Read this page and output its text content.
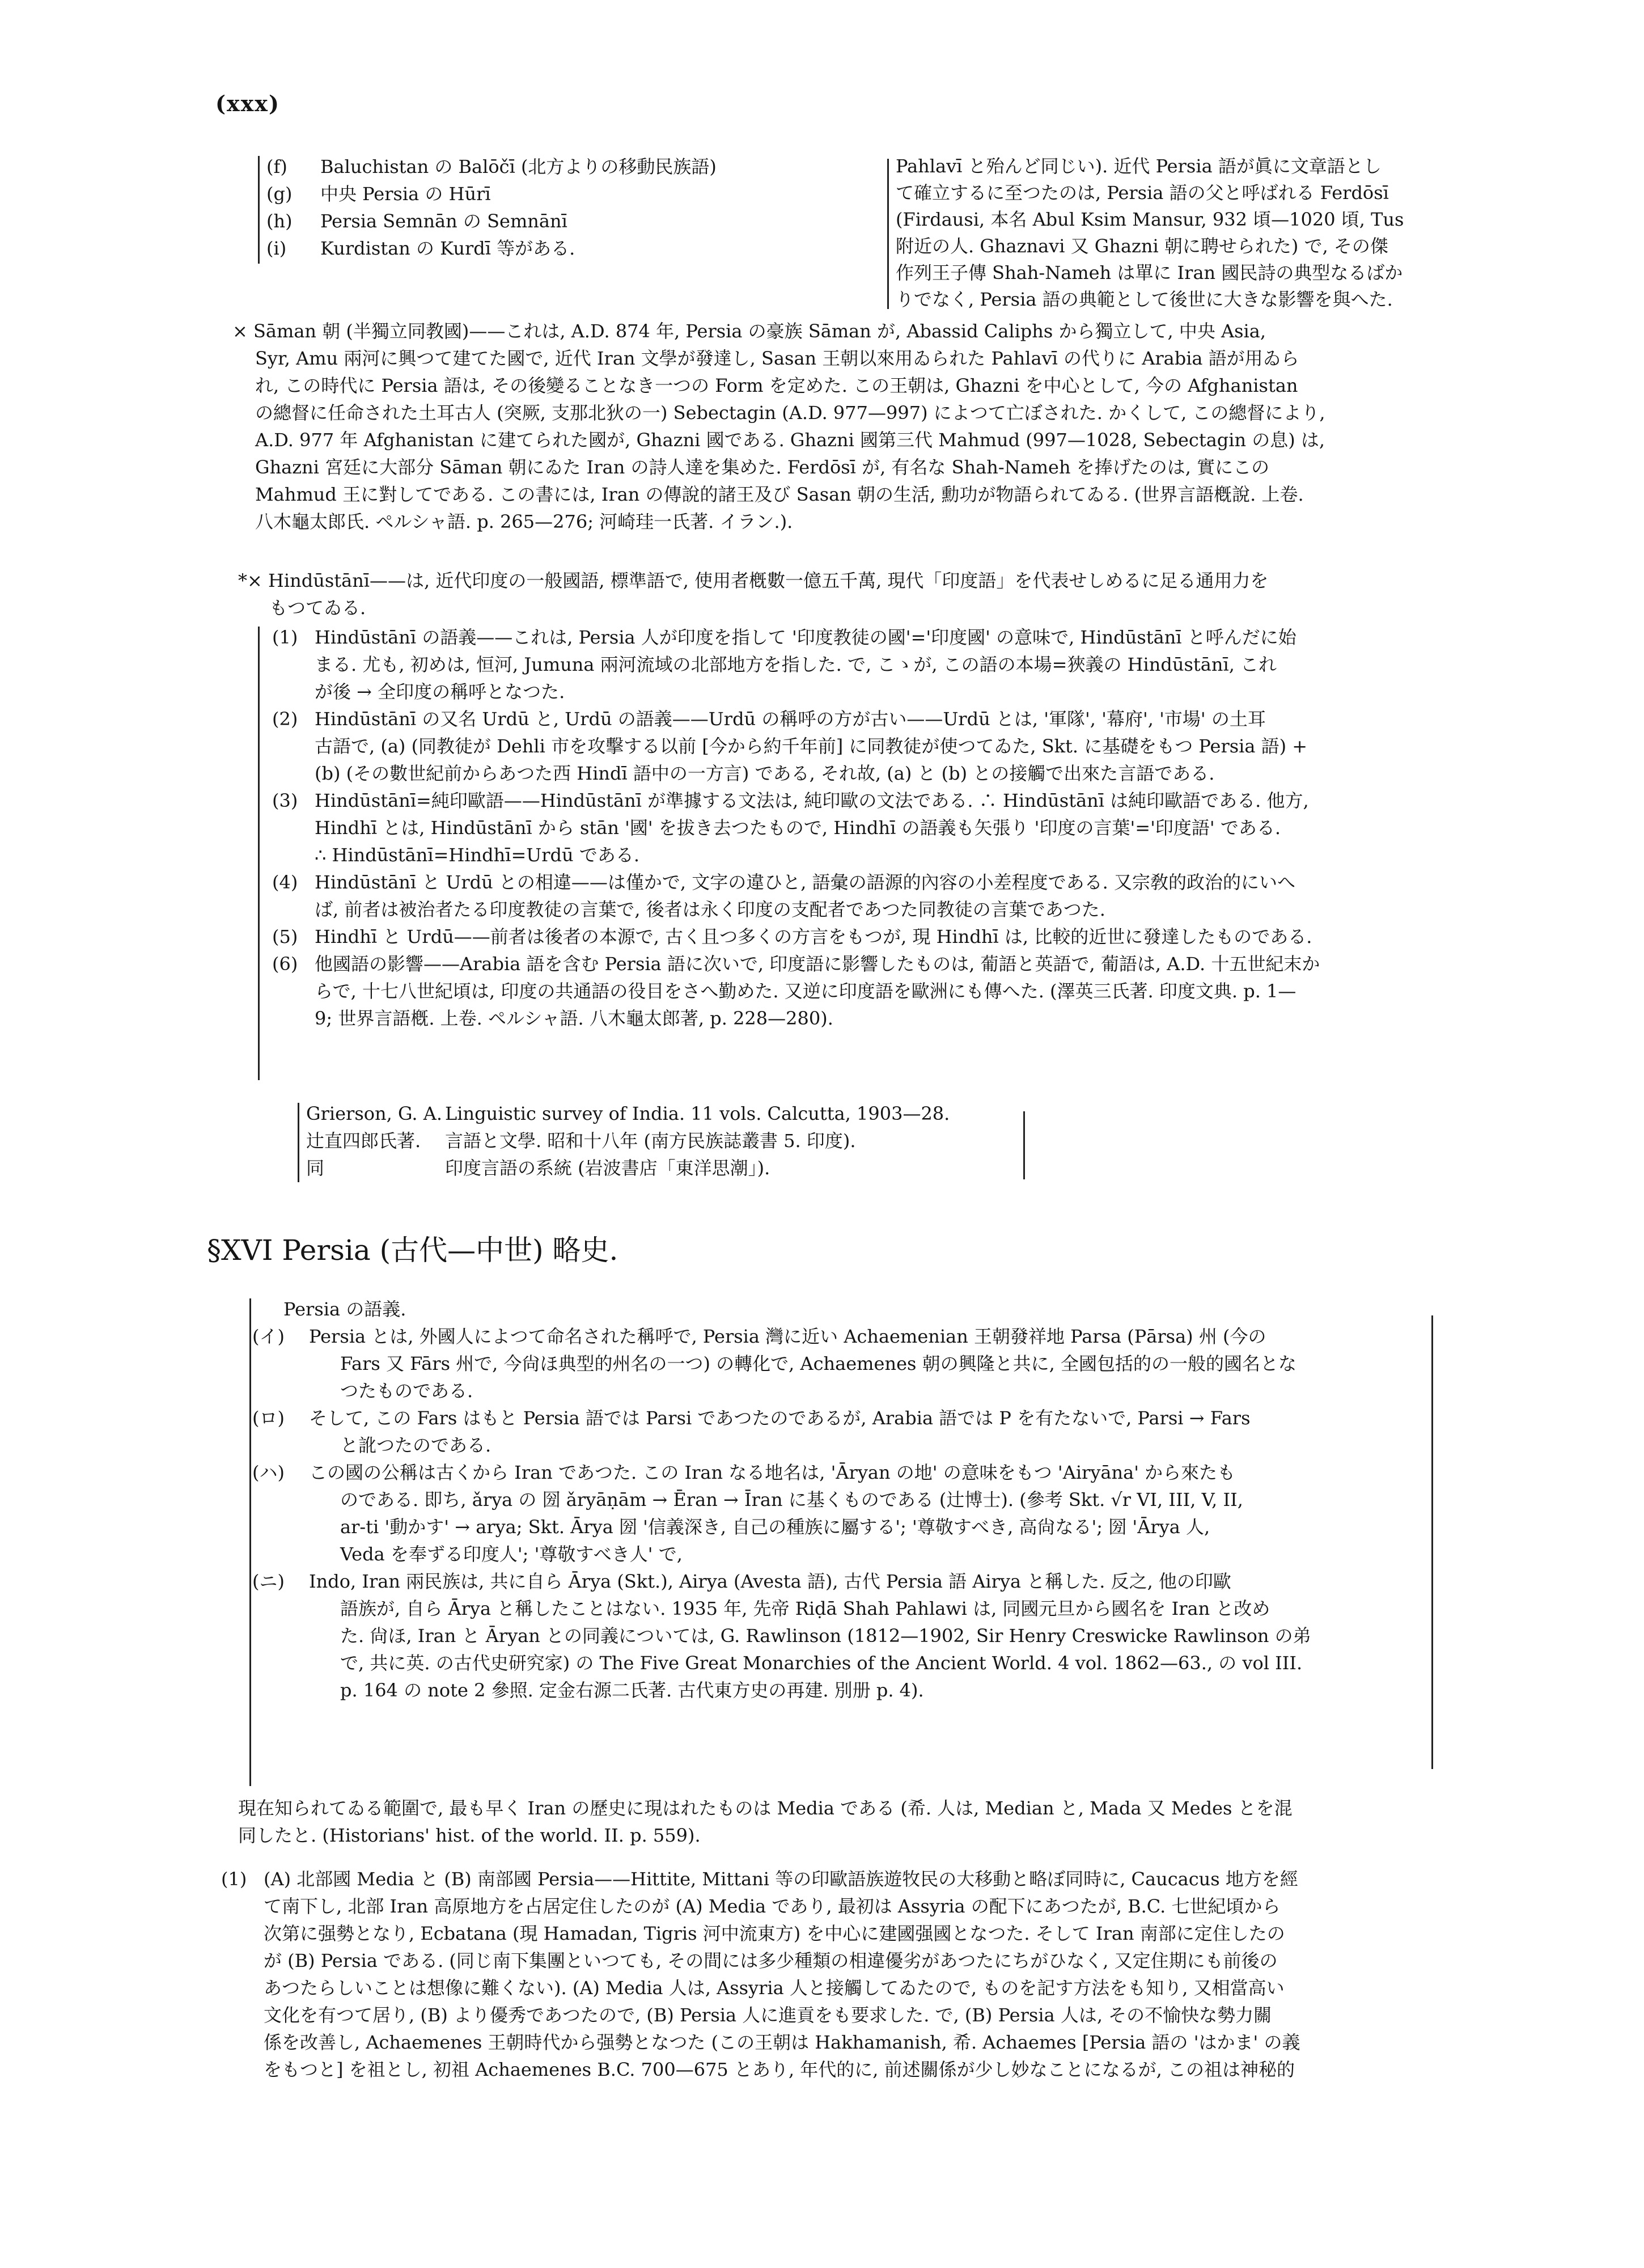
(xxx)
(f) Baluchistan の Balōčī (北方よりの移動民族語)
(g) 中央 Persia の Hūrī
(h) Persia Semnān の Semnānī
(i) Kurdistan の Kurdī 等がある.
Pahlavī と殆んど同じい). 近代 Persia 語が眞に文章語とし
て確立するに至つたのは, Persia 語の父と呼ばれる Ferdōsī
(Firdausi, 本名 Abul Ksim Mansur, 932 頃—1020 頃, Tus
附近の人. Ghaznavi 又 Ghazni 朝に聘せられた) で, その傑
作列王子傳 Shah-Nameh は單に Iran 國民詩の典型なるばか
りでなく, Persia 語の典範として後世に大きな影響を與へた.
× Sāman 朝 (半獨立同教國)——これは, A.D. 874 年, Persia の豪族 Sāman が, Abassid Caliphs から獨立して, 中央 Asia,
Syr, Amu 兩河に興つて建てた國で, 近代 Iran 文學が發達し, Sasan 王朝以來用ゐられた Pahlavī の代りに Arabia 語が用ゐら
れ, この時代に Persia 語は, その後變ることなき一つの Form を定めた. この王朝は, Ghazni を中心として, 今の Afghanistan
の總督に任命された土耳古人 (突厥, 支那北狄の一) Sebectagin (A.D. 977—997) によつて亡ぼされた. かくして, この總督により,
A.D. 977 年 Afghanistan に建てられた國が, Ghazni 國である. Ghazni 國第三代 Mahmud (997—1028, Sebectagin の息) は,
Ghazni 宮廷に大部分 Sāman 朝にゐた Iran の詩人達を集めた. Ferdōsī が, 有名な Shah-Nameh を捧げたのは, 實にこの
Mahmud 王に對してである. この書には, Iran の傳說的諸王及び Sasan 朝の生活, 勳功が物語られてゐる. (世界言語槪說. 上卷.
八木龜太郎氏. ペルシャ語. p. 265—276; 河崎珪一氏著. イラン.).
*× Hindūstānī——は, 近代印度の一般國語, 標準語で, 使用者槪數一億五千萬, 現代「印度語」を代表せしめるに足る通用力を
もつてゐる.
(1) Hindūstānī の語義——これは, Persia 人が印度を指して '印度教徒の國'='印度國' の意味で, Hindūstānī と呼んだに始
まる. 尤も, 初めは, 恒河, Jumuna 兩河流域の北部地方を指した. で, こゝが, この語の本場=狹義の Hindūstānī, これ
が後 → 全印度の稱呼となつた.
(2) Hindūstānī の又名 Urdū と, Urdū の語義——Urdū の稱呼の方が古い——Urdū とは, '軍隊', '幕府', '市場' の土耳
古語で, (a) (同教徒が Dehli 市を攻擊する以前 [今から約千年前] に同教徒が使つてゐた, Skt. に基礎をもつ Persia 語) +
(b) (その數世紀前からあつた西 Hindī 語中の一方言) である, それ故, (a) と (b) との接觸で出來た言語である.
(3) Hindūstānī=純印歐語——Hindūstānī が準據する文法は, 純印歐の文法である. ∴ Hindūstānī は純印歐語である. 他方,
Hindhī とは, Hindūstānī から stān '國' を拔き去つたもので, Hindhī の語義も矢張り '印度の言葉'='印度語' である.
∴ Hindūstānī=Hindhī=Urdū である.
(4) Hindūstānī と Urdū との相違——は僅かで, 文字の違ひと, 語彙の語源的內容の小差程度である. 又宗敎的政治的にいへ
ば, 前者は被治者たる印度教徒の言葉で, 後者は永く印度の支配者であつた同教徒の言葉であつた.
(5) Hindhī と Urdū——前者は後者の本源で, 古く且つ多くの方言をもつが, 現 Hindhī は, 比較的近世に發達したものである.
(6) 他國語の影響——Arabia 語を含む Persia 語に次いで, 印度語に影響したものは, 葡語と英語で, 葡語は, A.D. 十五世紀末か
らで, 十七八世紀頃は, 印度の共通語の役目をさへ勤めた. 又逆に印度語を歐洲にも傳へた. (澤英三氏著. 印度文典. p. 1—
9; 世界言語槪. 上卷. ペルシャ語. 八木龜太郎著, p. 228—280).
Grierson, G. A. Linguistic survey of India. 11 vols. Calcutta, 1903—28.
辻直四郎氏著. 言語と文學. 昭和十八年 (南方民族誌叢書 5. 印度).
同	印度言語の系統 (岩波書店「東洋思潮」).
§XVI Persia (古代—中世) 略史.
Persia の語義.
(イ) Persia とは, 外國人によつて命名された稱呼で, Persia 灣に近い Achaemenian 王朝發祥地 Parsa (Pārsa) 州 (今の
Fars 又 Fārs 州で, 今尙ほ典型的州名の一つ) の轉化で, Achaemenes 朝の興隆と共に, 全國包括的の一般的國名とな
つたものである.
(ロ) そして, この Fars はもと Persia 語では Parsi であつたのであるが, Arabia 語では P を有たないで, Parsi → Fars
と訛つたのである.
(ハ) この國の公稱は古くから Iran であつた. この Iran なる地名は, 'Āryan の地' の意味をもつ 'Airyāna' から來たも
のである. 即ち, ǎrya の 圀 ǎryāṇām → Ēran → Īran に基くものである (辻博士). (參考 Skt. √r VI, III, V, II,
ar-ti '動かす' → arya; Skt. Ārya 圀 '信義深き, 自己の種族に屬する'; '尊敬すべき, 高尙なる'; 圀 'Ārya 人,
Veda を奉ずる印度人'; '尊敬すべき人' で,
(ニ) Indo, Iran 兩民族は, 共に自ら Ārya (Skt.), Airya (Avesta 語), 古代 Persia 語 Airya と稱した. 反之, 他の印歐
語族が, 自ら Ārya と稱したことはない. 1935 年, 先帝 Riḍā Shah Pahlawi は, 同國元旦から國名を Iran と改め
た. 尙ほ, Iran と Āryan との同義については, G. Rawlinson (1812—1902, Sir Henry Creswicke Rawlinson の弟
で, 共に英. の古代史研究家) の The Five Great Monarchies of the Ancient World. 4 vol. 1862—63., の vol III.
p. 164 の note 2 參照. 定金右源二氏著. 古代東方史の再建. 別册 p. 4).
現在知られてゐる範圍で, 最も早く Iran の歷史に現はれたものは Media である (希. 人は, Median と, Mada 又 Medes とを混
同したと. (Historians' hist. of the world. II. p. 559).
(1) (A) 北部國 Media と (B) 南部國 Persia——Hittite, Mittani 等の印歐語族遊牧民の大移動と略ぼ同時に, Caucacus 地方を經
て南下し, 北部 Iran 高原地方を占居定住したのが (A) Media であり, 最初は Assyria の配下にあつたが, B.C. 七世紀頃から
次第に强勢となり, Ecbatana (現 Hamadan, Tigris 河中流東方) を中心に建國强國となつた. そして Iran 南部に定住したの
が (B) Persia である. (同じ南下集團といつても, その間には多少種類の相違優劣があつたにちがひなく, 又定住期にも前後の
あつたらしいことは想像に難くない). (A) Media 人は, Assyria 人と接觸してゐたので, ものを記す方法をも知り, 又相當高い
文化を有つて居り, (B) より優秀であつたので, (B) Persia 人に進貢をも要求した. で, (B) Persia 人は, その不愉快な勢力關
係を改善し, Achaemenes 王朝時代から强勢となつた (この王朝は Hakhamanish, 希. Achaemes [Persia 語の 'はかま' の義
をもつと] を祖とし, 初祖 Achaemenes B.C. 700—675 とあり, 年代的に, 前述關係が少し妙なことになるが, この祖は神秘的
